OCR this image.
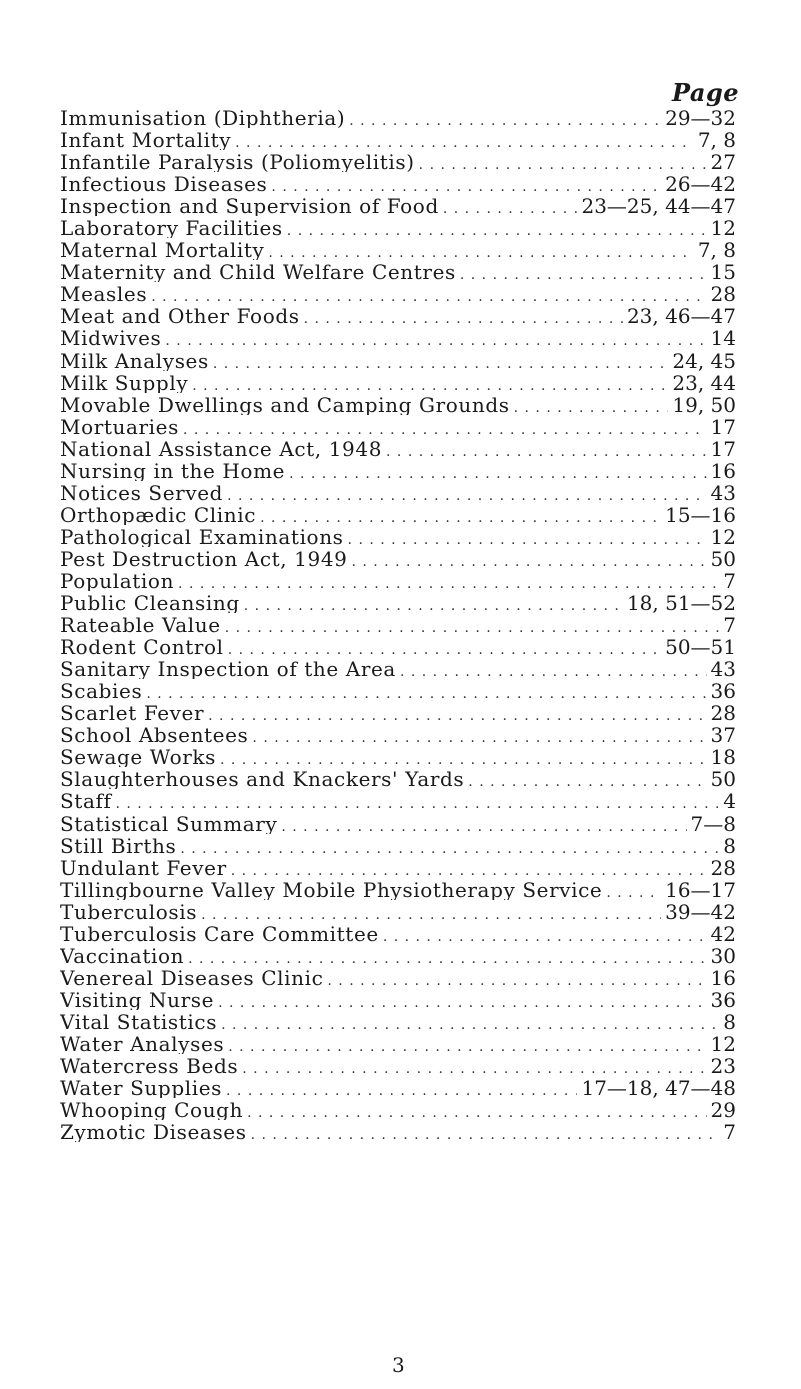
Page
Immunisation (Diphtheria) . . .	29—32
Infant Mortality . . .	7, 8
Infantile Paralysis (Poliomyelitis) . . .	27
Infectious Diseases . . .	26—42
Inspection and Supervision of Food . . .	23—25, 44—47
Laboratory Facilities . . .	12
Maternal Mortality . . .	7, 8
Maternity and Child Welfare Centres . . .	15
Measles . . .	28
Meat and Other Foods . . .	23, 46—47
Midwives . . .	14
Milk Analyses . . .	24, 45
Milk Supply . . .	23, 44
Movable Dwellings and Camping Grounds . . .	19, 50
Mortuaries . . .	17
National Assistance Act, 1948 . . .	17
Nursing in the Home . . .	16
Notices Served . . .	43
Orthopædic Clinic . . .	15—16
Pathological Examinations . . .	12
Pest Destruction Act, 1949 . . .	50
Population . . .	7
Public Cleansing . . .	18, 51—52
Rateable Value . . .	7
Rodent Control . . .	50—51
Sanitary Inspection of the Area . . .	43
Scabies . . .	36
Scarlet Fever . . .	28
School Absentees . . .	37
Sewage Works . . .	18
Slaughterhouses and Knackers' Yards . . .	50
Staff . . .	4
Statistical Summary . . .	7—8
Still Births . . .	8
Undulant Fever . . .	28
Tillingbourne Valley Mobile Physiotherapy Service . . .	16—17
Tuberculosis . . .	39—42
Tuberculosis Care Committee . . .	42
Vaccination . . .	30
Venereal Diseases Clinic . . .	16
Visiting Nurse . . .	36
Vital Statistics . . .	8
Water Analyses . . .	12
Watercress Beds . . .	23
Water Supplies . . .	17—18, 47—48
Whooping Cough . . .	29
Zymotic Diseases . . .	7
3
